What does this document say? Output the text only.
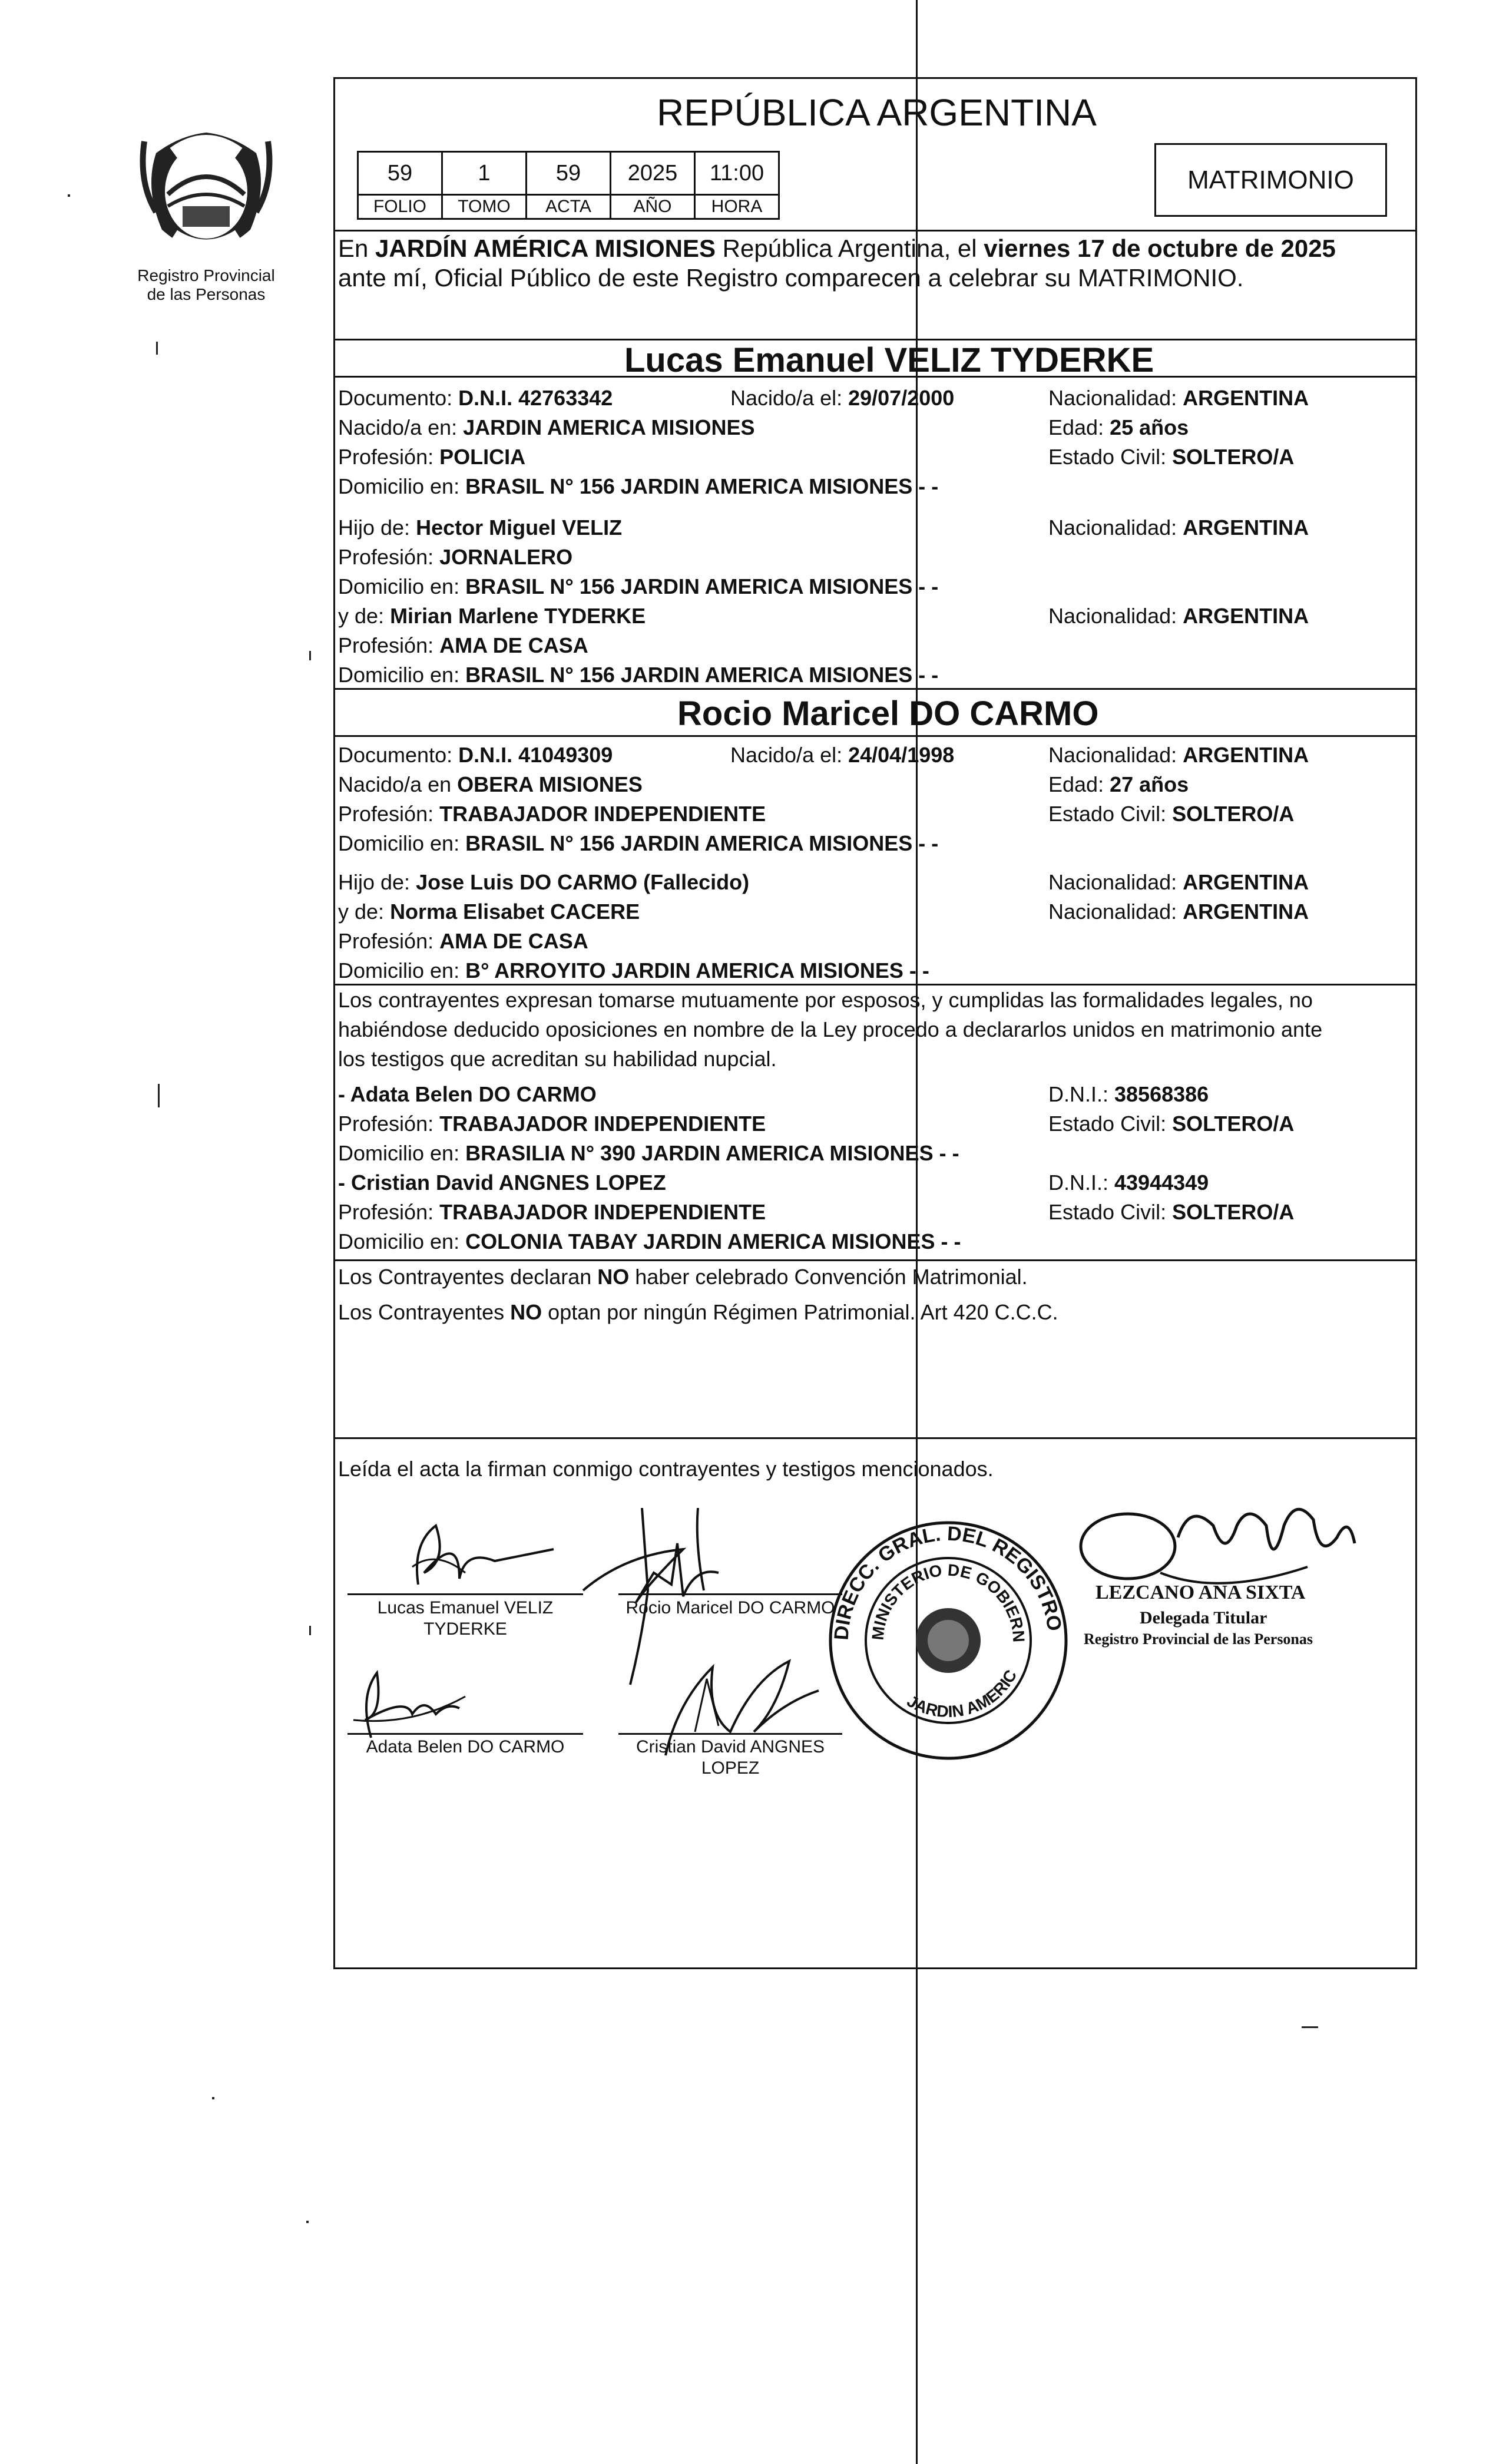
Registro Provincial
de las Personas
REPÚBLICA ARGENTINA
59	1	59	2025	11:00
FOLIO	TOMO	ACTA	AÑO	HORA
MATRIMONIO
En JARDÍN AMÉRICA MISIONES República Argentina, el viernes 17 de octubre de 2025
ante mí, Oficial Público de este Registro comparecen a celebrar su MATRIMONIO.
Lucas Emanuel VELIZ TYDERKE
Documento: D.N.I. 42763342	Nacido/a el: 29/07/2000	Nacionalidad: ARGENTINA
Nacido/a en: JARDIN AMERICA MISIONES	Edad: 25 años
Profesión: POLICIA	Estado Civil: SOLTERO/A
Domicilio en: BRASIL N° 156 JARDIN AMERICA MISIONES - -
Hijo de: Hector Miguel VELIZ	Nacionalidad: ARGENTINA
Profesión: JORNALERO
Domicilio en: BRASIL N° 156 JARDIN AMERICA MISIONES - -
y de: Mirian Marlene TYDERKE	Nacionalidad: ARGENTINA
Profesión: AMA DE CASA
Domicilio en: BRASIL N° 156 JARDIN AMERICA MISIONES - -
Rocio Maricel DO CARMO
Documento: D.N.I. 41049309	Nacido/a el: 24/04/1998	Nacionalidad: ARGENTINA
Nacido/a en OBERA MISIONES	Edad: 27 años
Profesión: TRABAJADOR INDEPENDIENTE	Estado Civil: SOLTERO/A
Domicilio en: BRASIL N° 156 JARDIN AMERICA MISIONES - -
Hijo de: Jose Luis DO CARMO (Fallecido)	Nacionalidad: ARGENTINA
y de: Norma Elisabet CACERE	Nacionalidad: ARGENTINA
Profesión: AMA DE CASA
Domicilio en: B° ARROYITO JARDIN AMERICA MISIONES - -
Los contrayentes expresan tomarse mutuamente por esposos, y cumplidas las formalidades legales, no
habiéndose deducido oposiciones en nombre de la Ley procedo a declararlos unidos en matrimonio ante
los testigos que acreditan su habilidad nupcial.
- Adata Belen DO CARMO	D.N.I.: 38568386
Profesión: TRABAJADOR INDEPENDIENTE	Estado Civil: SOLTERO/A
Domicilio en: BRASILIA N° 390 JARDIN AMERICA MISIONES - -
- Cristian David ANGNES LOPEZ	D.N.I.: 43944349
Profesión: TRABAJADOR INDEPENDIENTE	Estado Civil: SOLTERO/A
Domicilio en: COLONIA TABAY JARDIN AMERICA MISIONES - -
Los Contrayentes declaran NO haber celebrado Convención Matrimonial.
Los Contrayentes NO optan por ningún Régimen Patrimonial. Art 420 C.C.C.
Leída el acta la firman conmigo contrayentes y testigos mencionados.
Lucas Emanuel VELIZ
TYDERKE
Rocio Maricel DO CARMO
Adata Belen DO CARMO	Cristian David ANGNES
LOPEZ
DIRECC. GRAL. DEL REGISTRO
MINISTERIO DE GOBIERN
JARDIN AMERIC
LEZCANO ANA SIXTA
Delegada Titular
Registro Provincial de las Personas
